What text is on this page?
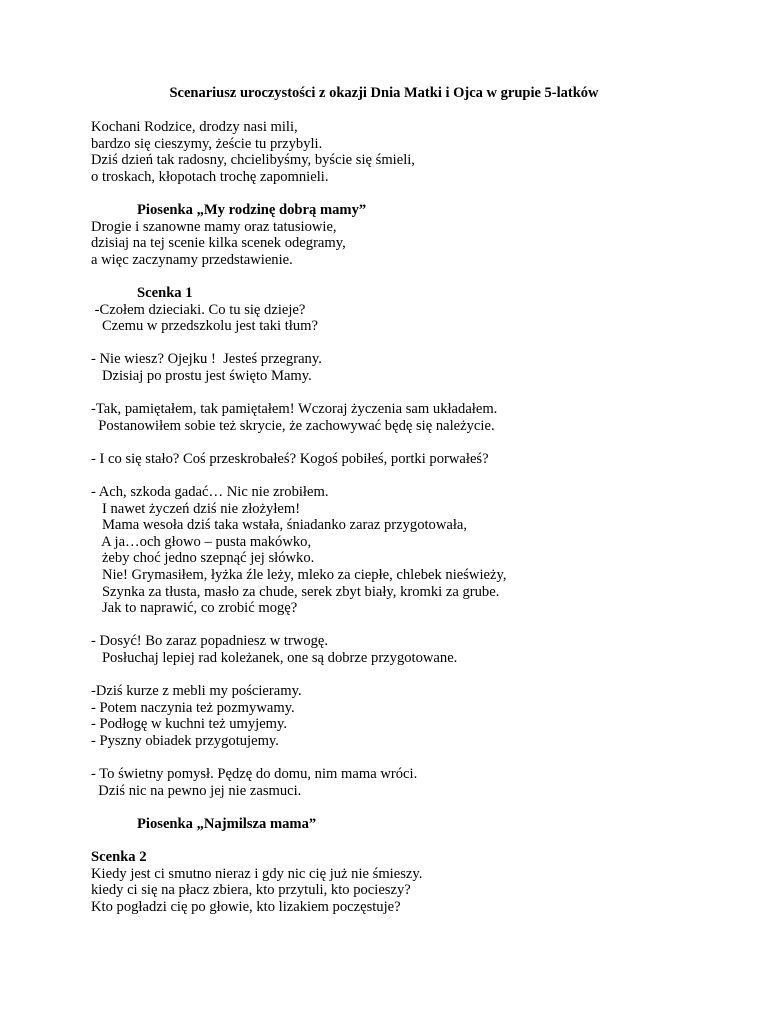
Scenariusz uroczystości z okazji Dnia Matki i Ojca w grupie 5-latków
Kochani Rodzice, drodzy nasi mili,
bardzo się cieszymy, żeście tu przybyli.
Dziś dzień tak radosny, chcielibyśmy, byście się śmieli,
o troskach, kłopotach trochę zapomnieli.
Piosenka „My rodzinę dobrą mamy”
Drogie i szanowne mamy oraz tatusiowie,
dzisiaj na tej scenie kilka scenek odegramy,
a więc zaczynamy przedstawienie.
Scenka 1
-Czołem dzieciaki. Co tu się dzieje?
Czemu w przedszkolu jest taki tłum?
- Nie wiesz? Ojejku !  Jesteś przegrany.
Dzisiaj po prostu jest święto Mamy.
-Tak, pamiętałem, tak pamiętałem! Wczoraj życzenia sam układałem.
Postanowiłem sobie też skrycie, że zachowywać będę się należycie.
- I co się stało? Coś przeskrobałeś? Kogoś pobiłeś, portki porwałeś?
- Ach, szkoda gadać… Nic nie zrobiłem.
I nawet życzeń dziś nie złożyłem!
Mama wesoła dziś taka wstała, śniadanko zaraz przygotowała,
A ja…och głowo – pusta makówko,
żeby choć jedno szepnąć jej słówko.
Nie! Grymasiłem, łyżka źle leży, mleko za ciepłe, chlebek nieświeży,
Szynka za tłusta, masło za chude, serek zbyt biały, kromki za grube.
Jak to naprawić, co zrobić mogę?
- Dosyć! Bo zaraz popadniesz w trwogę.
Posłuchaj lepiej rad koleżanek, one są dobrze przygotowane.
-Dziś kurze z mebli my pościeramy.
- Potem naczynia też pozmywamy.
- Podłogę w kuchni też umyjemy.
- Pyszny obiadek przygotujemy.
- To świetny pomysł. Pędzę do domu, nim mama wróci.
Dziś nic na pewno jej nie zasmuci.
Piosenka „Najmilsza mama”
Scenka 2
Kiedy jest ci smutno nieraz i gdy nic cię już nie śmieszy.
kiedy ci się na płacz zbiera, kto przytuli, kto pocieszy?
Kto pogładzi cię po głowie, kto lizakiem poczęstuje?
